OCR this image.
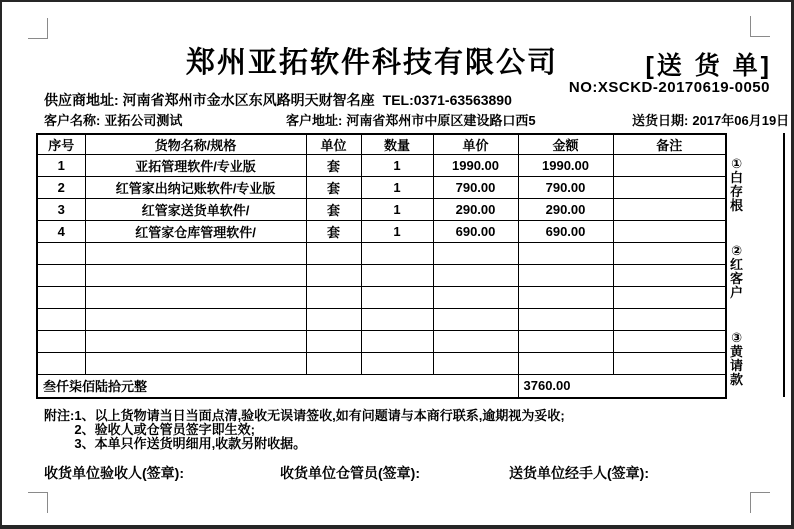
郑州亚拓软件科技有限公司	[送 货 单]
NO:XSCKD-20170619-0050
供应商地址: 河南省郑州市金水区东风路明天财智名座 TEL:0371-63563890
客户名称: 亚拓公司测试	客户地址: 河南省郑州市中原区建设路口西5	送货日期: 2017年06月19日
序号	货物名称/规格	单位	数量	单价	金额	备注
1	亚拓管理软件/专业版	套	1	1990.00	1990.00	
2	红管家出纳记账软件/专业版	套	1	790.00	790.00	
3	红管家送货单软件/	套	1	290.00	290.00	
4	红管家仓库管理软件/	套	1	690.00	690.00	

叁仟柒佰陆拾元整					3760.00	
①白存根
②红客户
③黄请款
附注: 1、以上货物请当日当面点清,验收无误请签收,如有问题请与本商行联系,逾期视为妥收;
2、验收人或仓管员签字即生效;
3、本单只作送货明细用,收款另附收据。
收货单位验收人(签章):	收货单位仓管员(签章):	送货单位经手人(签章):
